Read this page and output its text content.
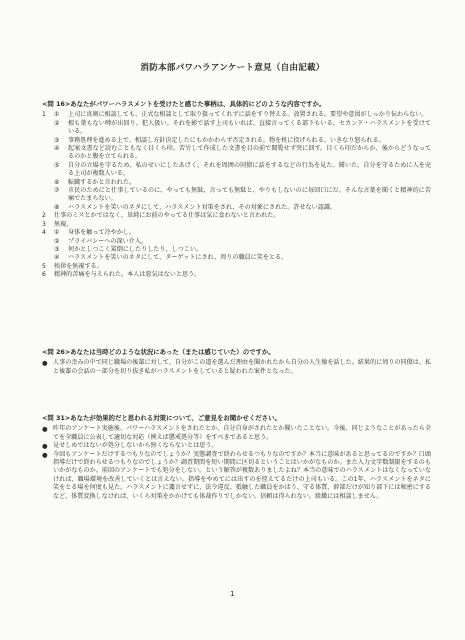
消防本部パワハラアンケート意見（自由記載）
<問 16>あなたがパワーハラスメントを受けたと感じた事柄は、具体的にどのような内容ですか。
1	①	上司に真剣に相談しても、正式な相談として取り扱ってくれずに話をすり替える。放置される。要望や意図がしっかり伝わらない。
②	根も葉もない噂が出回り、犯人扱い。それを影で話す上司もいれば、直接言ってくる部下もいる。セカンド・ハラスメントを受けている。
③	事務処理を進める上で、相談し方針決定したにもかかわらず否定される。物を机に投げられる。いきなり怒られる。
④	起案文書など読むこともなく目くら印。苦労して作成した文書を目の前で閲覧せず突に回す。目くら印だからか、後からどうなってるのかと腹を立てられる。
⑤	自分の立場を守るため、私のせいにしたあげく、それを周囲の同僚に話をするなどの行為を見た。聞いた。自分を守るために人を売る上司が複数人いる。
⑥	転職するかと言われた。
⑦	市民のためにと仕事しているのに、やっても無駄、言っても無駄と、やりもしないのに毎回口にだ。そんな言葉を聞くと精神的に苦痛でたまらない。
⑧	ハラスメントを笑いのネタにして、ハラスメント対策をされ、その対象にされた。許せない認識。
2	仕事のミスとかではなく、単純にお前のやってる仕事は気に食わないと言われた。
3	無視。
4	①	身体を触って冷やかし。
②	プライバシーへの深い介入。
③	何かとしつこく罵倒にしたりしたり、しつこい。
④	ハラスメントを笑いのネタにして、ターゲットにされ、周りの職員に笑をとる。
5	挨拶を無視する。
6	精神的苦痛を与えられた。本人は悪気はないと思う。
<問 26>あなたは当時どのような状況にあった（または感じていた）のですか。
● 人事の歪みの中で同じ職場の後輩に対して、自分がこの道を選んだ理由を聞かれたから自分の人生像を話した。結果的に周りの同僚は、私と後輩の会話の一部分を切り抜き私がハラスメントをしていると疑われた案件となった。
<問 31>あなたが効果的だと思われる対策について、ご意見をお聞かせください。
● 昨年のアンケート実施後、パワーハラスメントをされたとか、自分自身がされたとか聞いたことない。今後、同じようなことがあったら全てを全職員に公表して適切な対応（例えば懲戒処分等）をすべきであると思う。
● 見せしめではないが処分しないから無くならないとは思う。
● 今回もアンケートだけするつもりなのでしょうか？実態調査で終わらせるつもりなのですか？本当に意味があると思ってるのですか？口頭指導だけで終わらせるつもりなのでしょうか？調査期間を短い期間に区切るということはいかがなものか。また入力文字数制限をするのもいかがなものか。前回のアンケートでも処分をしない。という解答が複数ありましたよね？本当の意味でのハラスメントはなくなっていなければ、職場環境を改善していくとは言えない。指導をやめてには出すのを控えてるだけの上司もいる。この1年、ハラスメントをネタに笑をとる場を何度も見た。ハラスメントに讒言せずに、法令違反、抵触した職員をかばう、守る体質、幹部だけが知り部下には秘密にするなど、体質変換しなければ、いくら対策をかかげても体裁作りでしかない。信頼は得られない。組織には相談しません。
1
